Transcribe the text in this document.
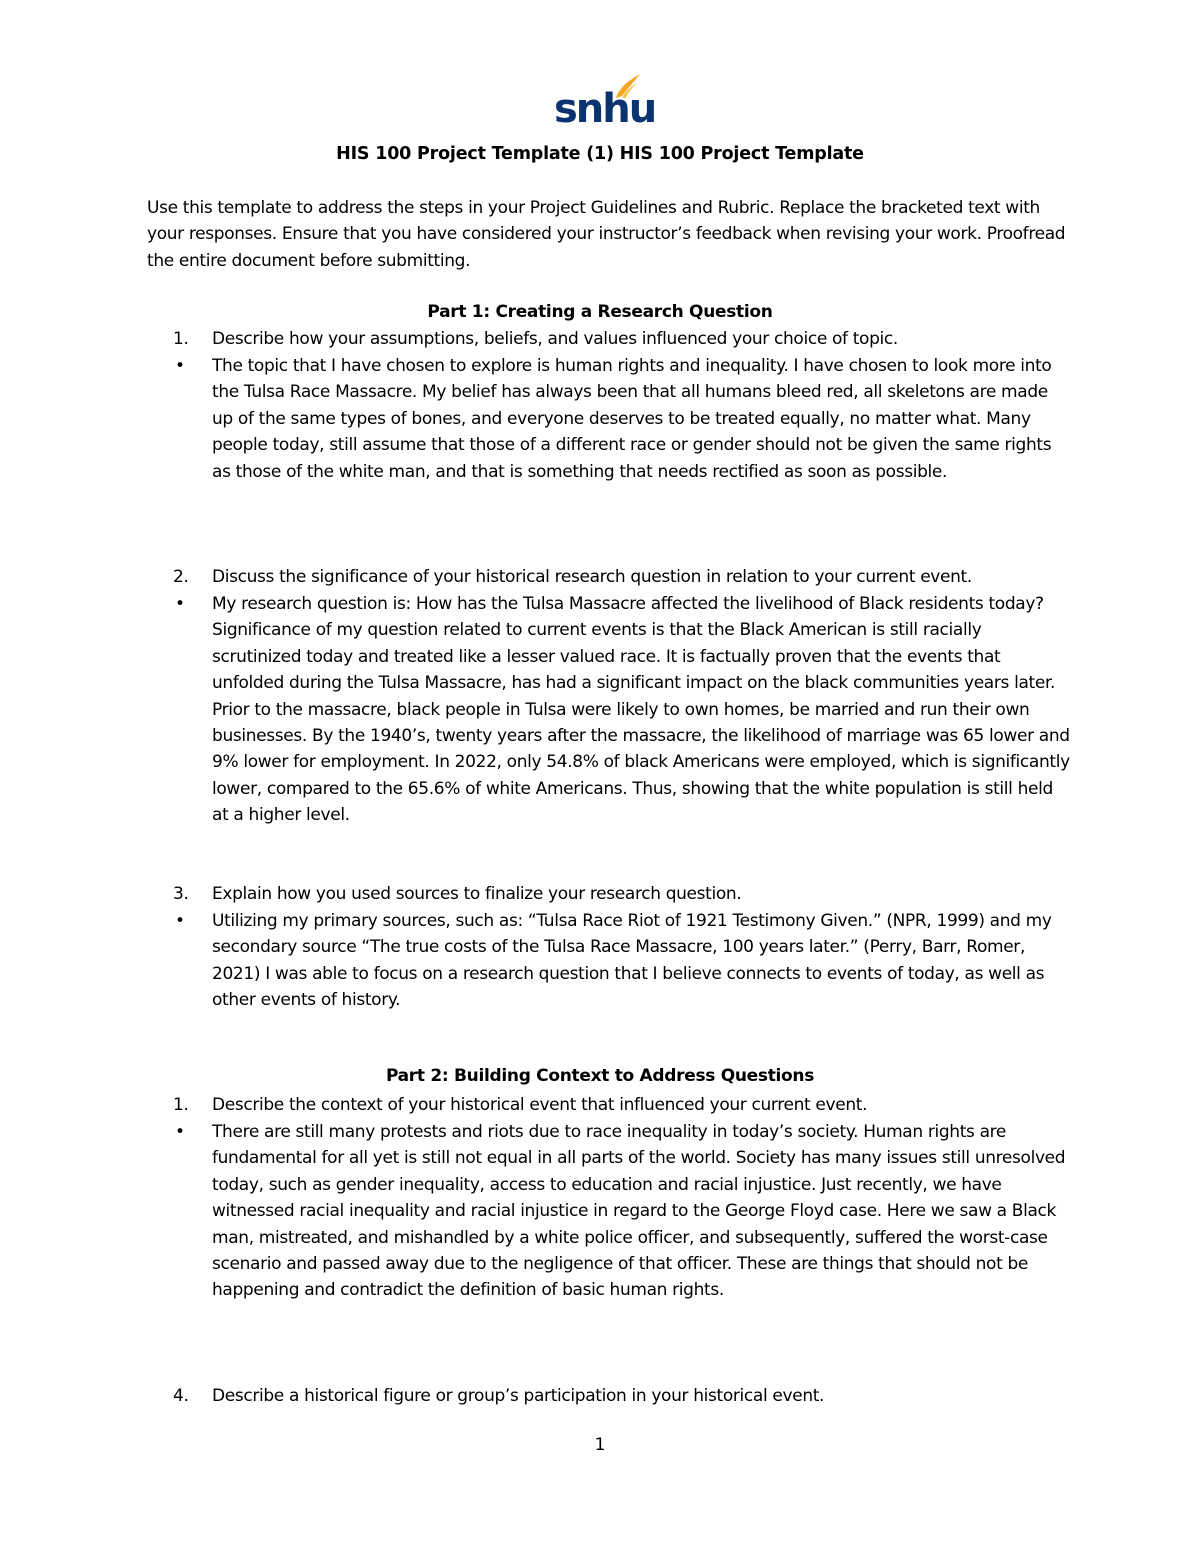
snhu
HIS 100 Project Template (1) HIS 100 Project Template
Use this template to address the steps in your Project Guidelines and Rubric. Replace the bracketed text with your responses. Ensure that you have considered your instructor’s feedback when revising your work. Proofread the entire document before submitting.
Part 1: Creating a Research Question
1. Describe how your assumptions, beliefs, and values influenced your choice of topic.
• The topic that I have chosen to explore is human rights and inequality. I have chosen to look more into the Tulsa Race Massacre. My belief has always been that all humans bleed red, all skeletons are made up of the same types of bones, and everyone deserves to be treated equally, no matter what. Many people today, still assume that those of a different race or gender should not be given the same rights as those of the white man, and that is something that needs rectified as soon as possible.
2. Discuss the significance of your historical research question in relation to your current event.
• My research question is: How has the Tulsa Massacre affected the livelihood of Black residents today? Significance of my question related to current events is that the Black American is still racially scrutinized today and treated like a lesser valued race. It is factually proven that the events that unfolded during the Tulsa Massacre, has had a significant impact on the black communities years later. Prior to the massacre, black people in Tulsa were likely to own homes, be married and run their own businesses. By the 1940’s, twenty years after the massacre, the likelihood of marriage was 65 lower and 9% lower for employment. In 2022, only 54.8% of black Americans were employed, which is significantly lower, compared to the 65.6% of white Americans. Thus, showing that the white population is still held at a higher level.
3. Explain how you used sources to finalize your research question.
• Utilizing my primary sources, such as: “Tulsa Race Riot of 1921 Testimony Given.” (NPR, 1999) and my secondary source “The true costs of the Tulsa Race Massacre, 100 years later.” (Perry, Barr, Romer, 2021) I was able to focus on a research question that I believe connects to events of today, as well as other events of history.
Part 2: Building Context to Address Questions
1. Describe the context of your historical event that influenced your current event.
• There are still many protests and riots due to race inequality in today’s society. Human rights are fundamental for all yet is still not equal in all parts of the world. Society has many issues still unresolved today, such as gender inequality, access to education and racial injustice. Just recently, we have witnessed racial inequality and racial injustice in regard to the George Floyd case. Here we saw a Black man, mistreated, and mishandled by a white police officer, and subsequently, suffered the worst-case scenario and passed away due to the negligence of that officer. These are things that should not be happening and contradict the definition of basic human rights.
4. Describe a historical figure or group’s participation in your historical event.
1
